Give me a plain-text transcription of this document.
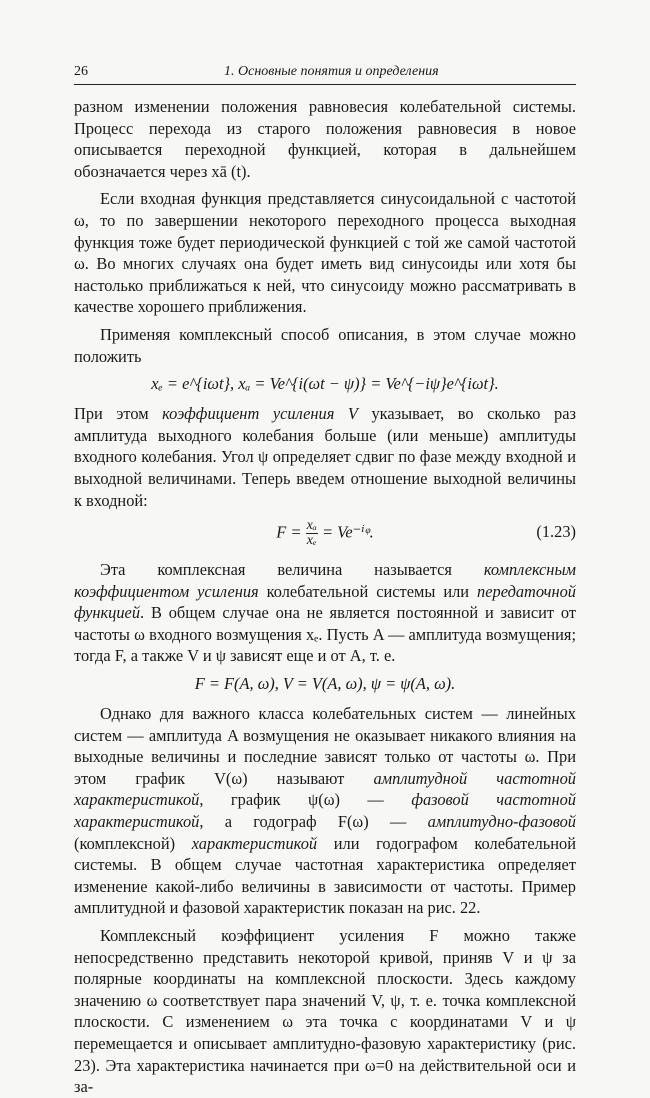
26	1. Основные понятия и определения

разном изменении положения равновесия колебательной системы. Процесс перехода из старого положения равновесия в новое описывается переходной функцией, которая в дальнейшем обозначается через xā (t).

Если входная функция представляется синусоидальной с частотой ω, то по завершении некоторого переходного процесса выходная функция тоже будет периодической функцией с той же самой частотой ω. Во многих случаях она будет иметь вид синусоиды или хотя бы настолько приближаться к ней, что синусоиду можно рассматривать в качестве хорошего приближения.

Применяя комплексный способ описания, в этом случае можно положить

xₑ = e^{iωt}, xₐ = Ve^{i(ωt − ψ)} = Ve^{−iψ}e^{iωt}.

При этом коэффициент усиления V указывает, во сколько раз амплитуда выходного колебания больше (или меньше) амплитуды входного колебания. Угол ψ определяет сдвиг по фазе между входной и выходной величинами. Теперь введем отношение выходной величины к входной:

$F = \frac{\text{xₐ}}{\text{xₑ}}$ = Ve⁻ⁱᵠ.	(1.23)

Эта комплексная величина называется комплексным коэффициентом усиления колебательной системы или передаточной функцией. В общем случае она не является постоянной и зависит от частоты ω входного возмущения xₑ. Пусть A — амплитуда возмущения; тогда F, а также V и ψ зависят еще и от A, т. е.

F = F(A, ω), V = V(A, ω), ψ = ψ(A, ω).

Однако для важного класса колебательных систем — линейных систем — амплитуда A возмущения не оказывает никакого влияния на выходные величины и последние зависят только от частоты ω. При этом график V(ω) называют амплитудной частотной характеристикой, график ψ(ω) — фазовой частотной характеристикой, а годограф F(ω) — амплитудно-фазовой (комплексной) характеристикой или годографом колебательной системы. В общем случае частотная характеристика определяет изменение какой-либо величины в зависимости от частоты. Пример амплитудной и фазовой характеристик показан на рис. 22.

Комплексный коэффициент усиления F можно также непосредственно представить некоторой кривой, приняв V и ψ за полярные координаты на комплексной плоскости. Здесь каждому значению ω соответствует пара значений V, ψ, т. е. точка комплексной плоскости. С изменением ω эта точка с координатами V и ψ перемещается и описывает амплитудно-фазовую характеристику (рис. 23). Эта характеристика начинается при ω=0 на действительной оси и за-
